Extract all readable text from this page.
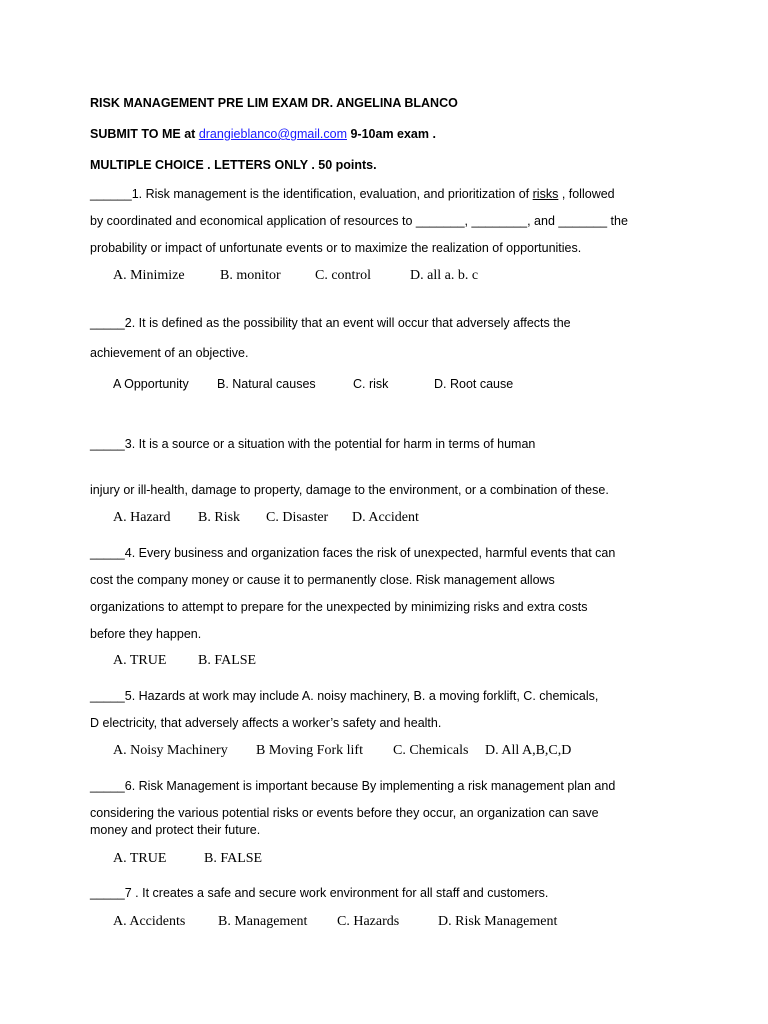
RISK MANAGEMENT PRE LIM EXAM DR. ANGELINA BLANCO
SUBMIT TO ME at drangieblanco@gmail.com 9-10am exam .
MULTIPLE CHOICE . LETTERS ONLY . 50 points.
______1. Risk management is the identification, evaluation, and prioritization of risks , followed
by coordinated and economical application of resources to _______, ________, and _______ the
probability or impact of unfortunate events or to maximize the realization of opportunities.
A. Minimize	B. monitor C. control	D. all a. b. c
_____2. It is defined as the possibility that an event will occur that adversely affects the
achievement of an objective.
A Opportunity B. Natural causes	C. risk	D. Root cause
_____3. It is a source or a situation with the potential for harm in terms of human
injury or ill-health, damage to property, damage to the environment, or a combination of these.
A. Hazard B. Risk C. Disaster D. Accident
_____4. Every business and organization faces the risk of unexpected, harmful events that can
cost the company money or cause it to permanently close. Risk management allows
organizations to attempt to prepare for the unexpected by minimizing risks and extra costs
before they happen.
A. TRUE B. FALSE
_____5. Hazards at work may include A. noisy machinery, B. a moving forklift, C. chemicals,
D electricity, that adversely affects a worker’s safety and health.
A. Noisy Machinery B Moving Fork lift C. Chemicals D. All A,B,C,D
_____6. Risk Management is important because By implementing a risk management plan and
considering the various potential risks or events before they occur, an organization can save
money and protect their future.
A. TRUE	B. FALSE
_____7 . It creates a safe and secure work environment for all staff and customers.
A. Accidents B. Management C. Hazards	D. Risk Management
